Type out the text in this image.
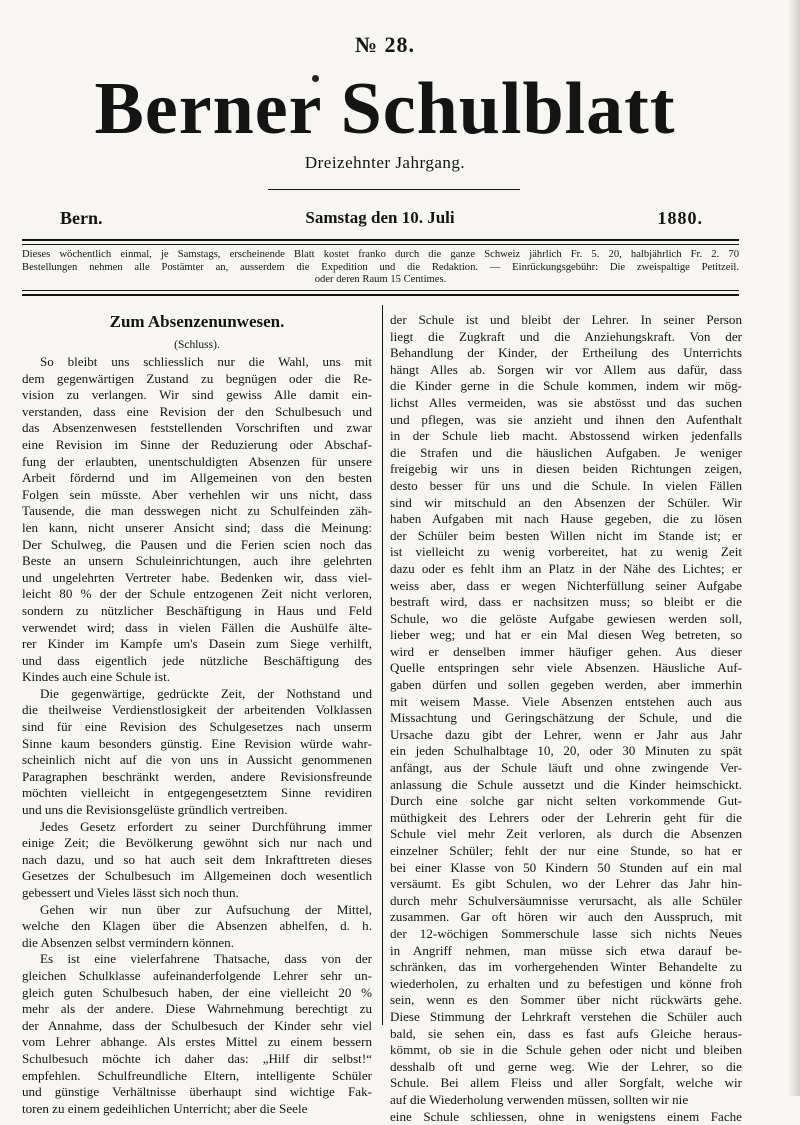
№ 28.
Berner Schulblatt
Dreizehnter Jahrgang.
Bern.	Samstag den 10. Juli	1880.
Dieses wöchentlich einmal, je Samstags, erscheinende Blatt kostet franko durch die ganze Schweiz jährlich Fr. 5. 20, halbjährlich Fr. 2. 70
Bestellungen nehmen alle Postämter an, ausserdem die Expedition und die Redaktion. — Einrückungsgebühr: Die zweispaltige Petitzeil.
oder deren Raum 15 Centimes.
Zum Absenzenunwesen.
(Schluss).
So bleibt uns schliesslich nur die Wahl, uns mit
dem gegenwärtigen Zustand zu begnügen oder die Re-
vision zu verlangen. Wir sind gewiss Alle damit ein-
verstanden, dass eine Revision der den Schulbesuch und
das Absenzenwesen feststellenden Vorschriften und zwar
eine Revision im Sinne der Reduzierung oder Abschaf-
fung der erlaubten, unentschuldigten Absenzen für unsere
Arbeit fördernd und im Allgemeinen von den besten
Folgen sein müsste. Aber verhehlen wir uns nicht, dass
Tausende, die man desswegen nicht zu Schulfeinden zäh-
len kann, nicht unserer Ansicht sind; dass die Meinung:
Der Schulweg, die Pausen und die Ferien scien noch das
Beste an unsern Schuleinrichtungen, auch ihre gelehrten
und ungelehrten Vertreter habe. Bedenken wir, dass viel-
leicht 80 % der der Schule entzogenen Zeit nicht verloren,
sondern zu nützlicher Beschäftigung in Haus und Feld
verwendet wird; dass in vielen Fällen die Aushülfe älte-
rer Kinder im Kampfe um's Dasein zum Siege verhilft,
und dass eigentlich jede nützliche Beschäftigung des
Kindes auch eine Schule ist.
Die gegenwärtige, gedrückte Zeit, der Nothstand und
die theilweise Verdienstlosigkeit der arbeitenden Volklassen
sind für eine Revision des Schulgesetzes nach unserm
Sinne kaum besonders günstig. Eine Revision würde wahr-
scheinlich nicht auf die von uns in Aussicht genommenen
Paragraphen beschränkt werden, andere Revisionsfreunde
möchten vielleicht in entgegengesetztem Sinne revidiren
und uns die Revisionsgelüste gründlich vertreiben.
Jedes Gesetz erfordert zu seiner Durchführung immer
einige Zeit; die Bevölkerung gewöhnt sich nur nach und
nach dazu, und so hat auch seit dem Inkrafttreten dieses
Gesetzes der Schulbesuch im Allgemeinen doch wesentlich
gebessert und Vieles lässt sich noch thun.
Gehen wir nun über zur Aufsuchung der Mittel,
welche den Klagen über die Absenzen abhelfen, d. h.
die Absenzen selbst vermindern können.
Es ist eine vielerfahrene Thatsache, dass von der
gleichen Schulklasse aufeinanderfolgende Lehrer sehr un-
gleich guten Schulbesuch haben, der eine vielleicht 20 %
mehr als der andere. Diese Wahrnehmung berechtigt zu
der Annahme, dass der Schulbesuch der Kinder sehr viel
vom Lehrer abhange. Als erstes Mittel zu einem bessern
Schulbesuch möchte ich daher das: „Hilf dir selbst!“
empfehlen. Schulfreundliche Eltern, intelligente Schüler
und günstige Verhältnisse überhaupt sind wichtige Fak-
toren zu einem gedeihlichen Unterricht; aber die Seele
der Schule ist und bleibt der Lehrer. In seiner Person
liegt die Zugkraft und die Anziehungskraft. Von der
Behandlung der Kinder, der Ertheilung des Unterrichts
hängt Alles ab. Sorgen wir vor Allem aus dafür, dass
die Kinder gerne in die Schule kommen, indem wir mög-
lichst Alles vermeiden, was sie abstösst und das suchen
und pflegen, was sie anzieht und ihnen den Aufenthalt
in der Schule lieb macht. Abstossend wirken jedenfalls
die Strafen und die häuslichen Aufgaben. Je weniger
freigebig wir uns in diesen beiden Richtungen zeigen,
desto besser für uns und die Schule. In vielen Fällen
sind wir mitschuld an den Absenzen der Schüler. Wir
haben Aufgaben mit nach Hause gegeben, die zu lösen
der Schüler beim besten Willen nicht im Stande ist; er
ist vielleicht zu wenig vorbereitet, hat zu wenig Zeit
dazu oder es fehlt ihm an Platz in der Nähe des Lichtes; er
weiss aber, dass er wegen Nichterfüllung seiner Aufgabe
bestraft wird, dass er nachsitzen muss; so bleibt er die
Schule, wo die gelöste Aufgabe gewiesen werden soll,
lieber weg; und hat er ein Mal diesen Weg betreten, so
wird er denselben immer häufiger gehen. Aus dieser
Quelle entspringen sehr viele Absenzen. Häusliche Auf-
gaben dürfen und sollen gegeben werden, aber immerhin
mit weisem Masse. Viele Absenzen entstehen auch aus
Missachtung und Geringschätzung der Schule, und die
Ursache dazu gibt der Lehrer, wenn er Jahr aus Jahr
ein jeden Schulhalbtage 10, 20, oder 30 Minuten zu spät
anfängt, aus der Schule läuft und ohne zwingende Ver-
anlassung die Schule aussetzt und die Kinder heimschickt.
Durch eine solche gar nicht selten vorkommende Gut-
müthigkeit des Lehrers oder der Lehrerin geht für die
Schule viel mehr Zeit verloren, als durch die Absenzen
einzelner Schüler; fehlt der nur eine Stunde, so hat er
bei einer Klasse von 50 Kindern 50 Stunden auf ein mal
versäumt. Es gibt Schulen, wo der Lehrer das Jahr hin-
durch mehr Schulversäumnisse verursacht, als alle Schüler
zusammen. Gar oft hören wir auch den Ausspruch, mit
der 12-wöchigen Sommerschule lasse sich nichts Neues
in Angriff nehmen, man müsse sich etwa darauf be-
schränken, das im vorhergehenden Winter Behandelte zu
wiederholen, zu erhalten und zu befestigen und könne froh
sein, wenn es den Sommer über nicht rückwärts gehe.
Diese Stimmung der Lehrkraft verstehen die Schüler auch
bald, sie sehen ein, dass es fast aufs Gleiche heraus-
kömmt, ob sie in die Schule gehen oder nicht und bleiben
desshalb oft und gerne weg. Wie der Lehrer, so die
Schule. Bei allem Fleiss und aller Sorgfalt, welche wir
auf die Wiederholung verwenden müssen, sollten wir nie
eine Schule schliessen, ohne in wenigstens einem Fache
